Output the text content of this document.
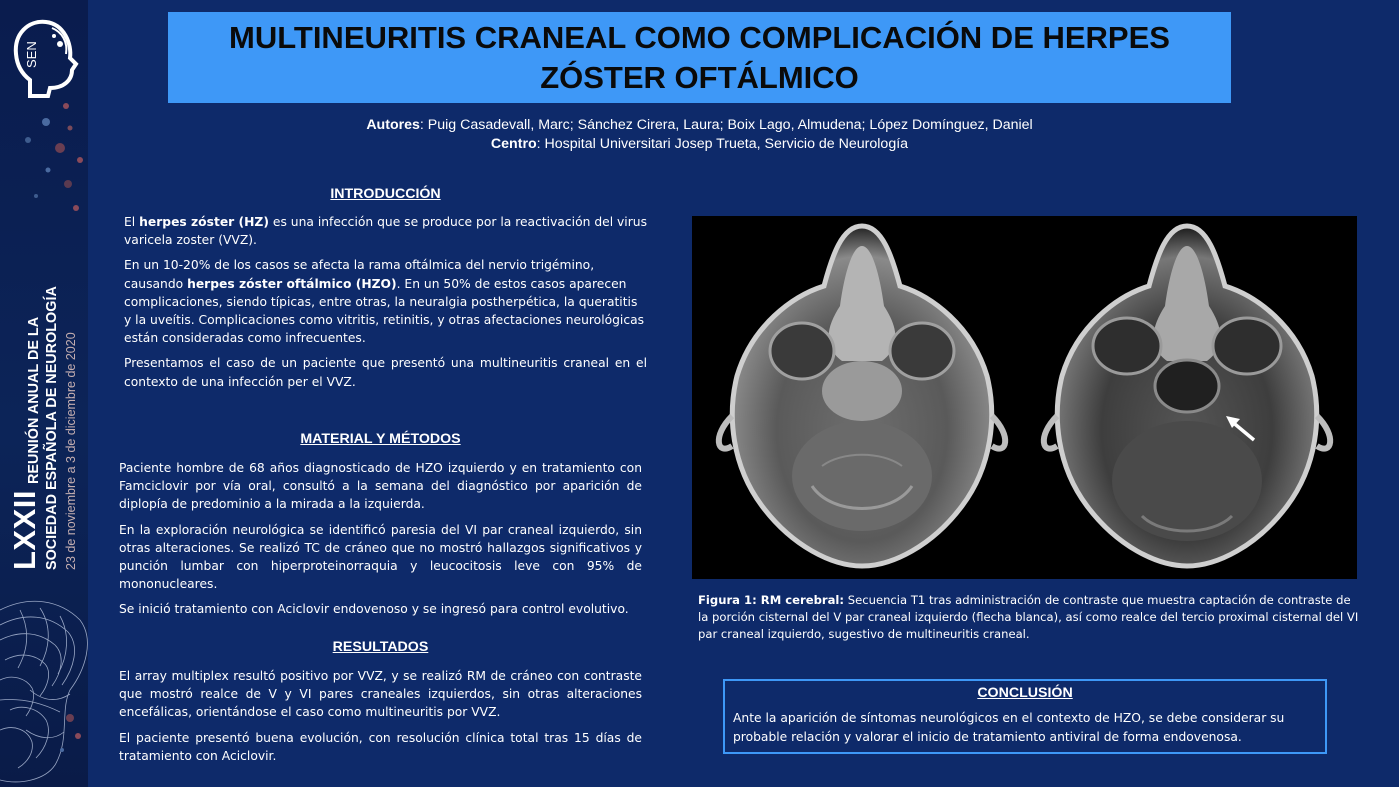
SEN
LXXII
REUNIÓN ANUAL DE LA SOCIEDAD ESPAÑOLA DE NEUROLOGÍA 23 de noviembre a 3 de diciembre de 2020
MULTINEURITIS CRANEAL COMO COMPLICACIÓN DE HERPES ZÓSTER OFTÁLMICO
Autores: Puig Casadevall, Marc; Sánchez Cirera, Laura; Boix Lago, Almudena; López Domínguez, Daniel
Centro: Hospital Universitari Josep Trueta, Servicio de Neurología
INTRODUCCIÓN

El herpes zóster (HZ) es una infección que se produce por la reactivación del virus varicela zoster (VVZ).

En un 10-20% de los casos se afecta la rama oftálmica del nervio trigémino, causando herpes zóster oftálmico (HZO). En un 50% de estos casos aparecen complicaciones, siendo típicas, entre otras, la neuralgia postherpética, la queratitis y la uveítis. Complicaciones como vitritis, retinitis, y otras afectaciones neurológicas están consideradas como infrecuentes.

Presentamos el caso de un paciente que presentó una multineuritis craneal en el contexto de una infección per el VVZ.

MATERIAL Y MÉTODOS

Paciente hombre de 68 años diagnosticado de HZO izquierdo y en tratamiento con Famciclovir por vía oral, consultó a la semana del diagnóstico por aparición de diplopía de predominio a la mirada a la izquierda.

En la exploración neurológica se identificó paresia del VI par craneal izquierdo, sin otras alteraciones. Se realizó TC de cráneo que no mostró hallazgos significativos y punción lumbar con hiperproteinorraquia y leucocitosis leve con 95% de mononucleares.

Se inició tratamiento con Aciclovir endovenoso y se ingresó para control evolutivo.

RESULTADOS

El array multiplex resultó positivo por VVZ, y se realizó RM de cráneo con contraste que mostró realce de V y VI pares craneales izquierdos, sin otras alteraciones encefálicas, orientándose el caso como multineuritis por VVZ.

El paciente presentó buena evolución, con resolución clínica total tras 15 días de tratamiento con Aciclovir.

Figura 1: RM cerebral: Secuencia T1 tras administración de contraste que muestra captación de contraste de la porción cisternal del V par craneal izquierdo (flecha blanca), así como realce del tercio proximal cisternal del VI par craneal izquierdo, sugestivo de multineuritis craneal.
CONCLUSIÓN
Ante la aparición de síntomas neurológicos en el contexto de HZO, se debe considerar su probable relación y valorar el inicio de tratamiento antiviral de forma endovenosa.
